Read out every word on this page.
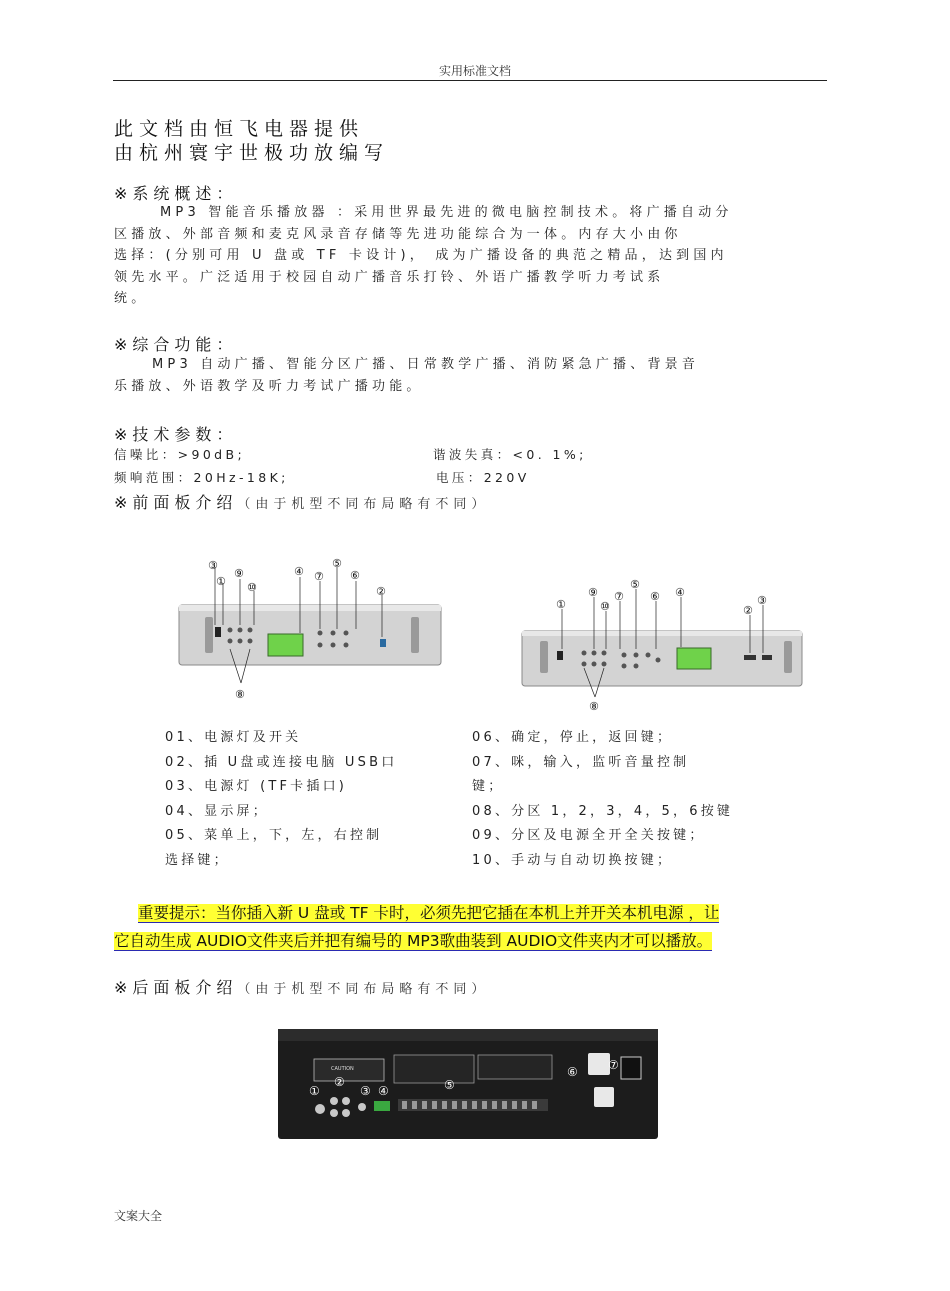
实用标准文档
此文档由恒飞电器提供
由杭州寰宇世极功放编写
※系统概述：
MP3 智能音乐播放器 ：采用世界最先进的微电脑控制技术。将广播自动分
区播放、外部音频和麦克风录音存储等先进功能综合为一体。内存大小由你
选择：(分别可用 U 盘或 TF 卡设计)， 成为广播设备的典范之精品，达到国内
领先水平。广泛适用于校园自动广播音乐打铃、外语广播教学听力考试系
统。
※综合功能：
MP3 自动广播、智能分区广播、日常教学广播、消防紧急广播、背景音
乐播放、外语教学及听力考试广播功能。
※技术参数：
信噪比：>90dB;	谐波失真：<0. 1%;
频响范围：20Hz-18K;	电压：220V
※前面板介绍（由于机型不同布局略有不同）
③
①
⑨
⑩
④ ⑦
⑤
⑥
②
⑧
①
⑨
⑩
⑦
⑤
⑥ ④
②
③
⑧
01、电源灯及开关
02、插 U盘或连接电脑 USB口
03、电源灯 (TF卡插口)
04、显示屏；
05、菜单上，下，左，右控制
选择键；
06、确定，停止，返回键；
07、咪，输入，监听音量控制
键；
08、分区 1，2，3，4，5，6按键
09、分区及电源全开全关按键；
10、手动与自动切换按键；
重要提示：当你插入新 U 盘或 TF 卡时，必须先把它插在本机上并开关本机电源 ，让
它自动生成 AUDIO文件夹后并把有编号的 MP3歌曲装到 AUDIO文件夹内才可以播放。
※后面板介绍（由于机型不同布局略有不同）
CAUTION
①
②
③ ④	⑤
⑥	⑦
文案大全
